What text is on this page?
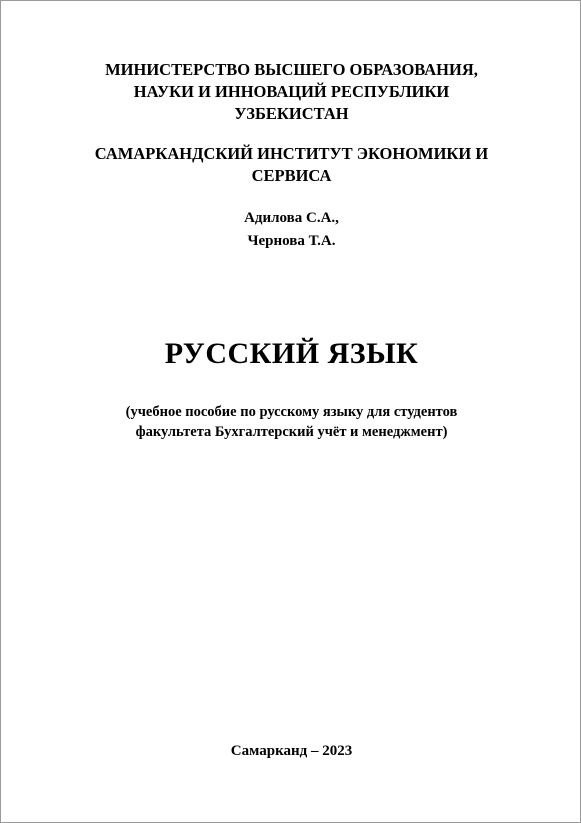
МИНИСТЕРСТВО ВЫСШЕГО ОБРАЗОВАНИЯ,
НАУКИ И ИННОВАЦИЙ РЕСПУБЛИКИ
УЗБЕКИСТАН
САМАРКАНДСКИЙ ИНСТИТУТ ЭКОНОМИКИ И
СЕРВИСА
Адилова С.А.,
Чернова Т.А.
РУССКИЙ ЯЗЫК
(учебное пособие по русскому языку для студентов
факультета Бухгалтерский учёт и менеджмент)
Самарканд – 2023
